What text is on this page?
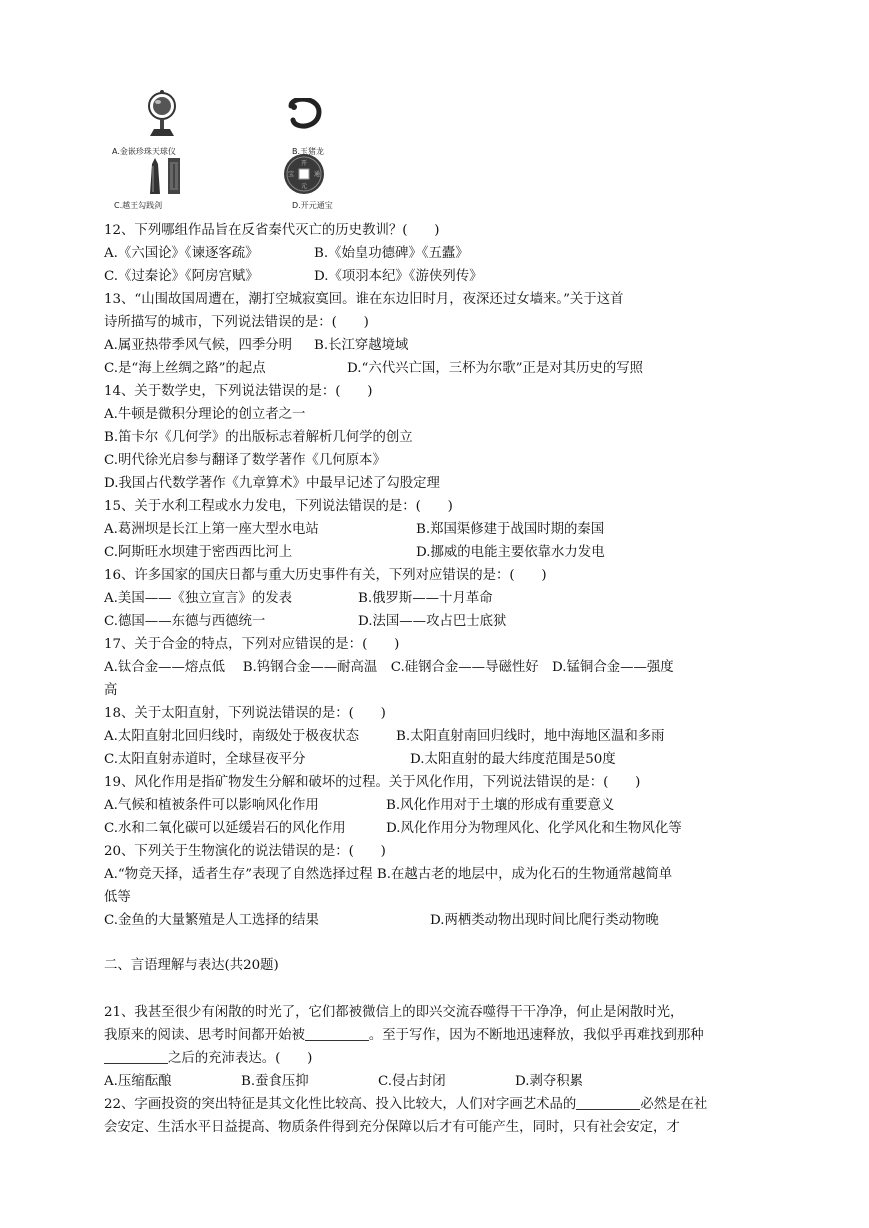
开
元
通
宝
A.金嵌珍珠天球仪	B.玉猪龙
C.越王勾践剑	D.开元通宝
12、下列哪组作品旨在反省秦代灭亡的历史教训？(　　)
A.《六国论》《谏逐客疏》	B.《始皇功德碑》《五蠹》
C.《过秦论》《阿房宫赋》	D.《项羽本纪》《游侠列传》
13、“山围故国周遭在，潮打空城寂寞回。谁在东边旧时月，夜深还过女墙来。”关于这首
诗所描写的城市，下列说法错误的是：(　　)
A.属亚热带季风气候，四季分明 B.长江穿越境域
C.是“海上丝绸之路”的起点	D.“六代兴亡国，三杯为尔歌”正是对其历史的写照
14、关于数学史，下列说法错误的是：(　　)
A.牛顿是微积分理论的创立者之一
B.笛卡尔《几何学》的出版标志着解析几何学的创立
C.明代徐光启参与翻译了数学著作《几何原本》
D.我国占代数学著作《九章算术》中最早记述了勾股定理
15、关于水利工程或水力发电，下列说法错误的是：(　　)
A.葛洲坝是长江上第一座大型水电站	B.郑国渠修建于战国时期的秦国
C.阿斯旺水坝建于密西西比河上	D.挪威的电能主要依靠水力发电
16、许多国家的国庆日都与重大历史事件有关，下列对应错误的是：(　　)
A.美国——《独立宣言》的发表	B.俄罗斯——十月革命
C.德国——东德与西德统一	D.法国——攻占巴士底狱
17、关于合金的特点，下列对应错误的是：(　　)
A.钛合金——熔点低　 B.钨钢合金——耐高温　C.硅钢合金——导磁性好　D.锰铜合金——强度
高
18、关于太阳直射，下列说法错误的是：(　　)
A.太阳直射北回归线时，南级处于极夜状态	B.太阳直射南回归线时，地中海地区温和多雨
C.太阳直射赤道时，全球昼夜平分	D.太阳直射的最大纬度范围是50度
19、风化作用是指矿物发生分解和破坏的过程。关于风化作用，下列说法错误的是：(　　)
A.气候和植被条件可以影响风化作用	B.风化作用对于土壤的形成有重要意义
C.水和二氧化碳可以延缓岩石的风化作用	D.风化作用分为物理风化、化学风化和生物风化等
20、下列关于生物演化的说法错误的是：(　　)
A.“物竞天择，适者生存”表现了自然选择过程 B.在越古老的地层中，成为化石的生物通常越简单
低等
C.金鱼的大量繁殖是人工选择的结果	D.两栖类动物出现时间比爬行类动物晚
二、言语理解与表达(共20题)
21、我甚至很少有闲散的时光了，它们都被微信上的即兴交流吞噬得干干净净，何止是闲散时光，
我原来的阅读、思考时间都开始被	。至于写作，因为不断地迅速释放，我似乎再难找到那种
之后的充沛表达。(　　)
A.压缩酝酿	B.蚕食压抑	C.侵占封闭	D.剥夺积累
22、字画投资的突出特征是其文化性比较高、投入比较大，人们对字画艺术品的	必然是在社
会安定、生活水平日益提高、物质条件得到充分保障以后才有可能产生，同时，只有社会安定，才
